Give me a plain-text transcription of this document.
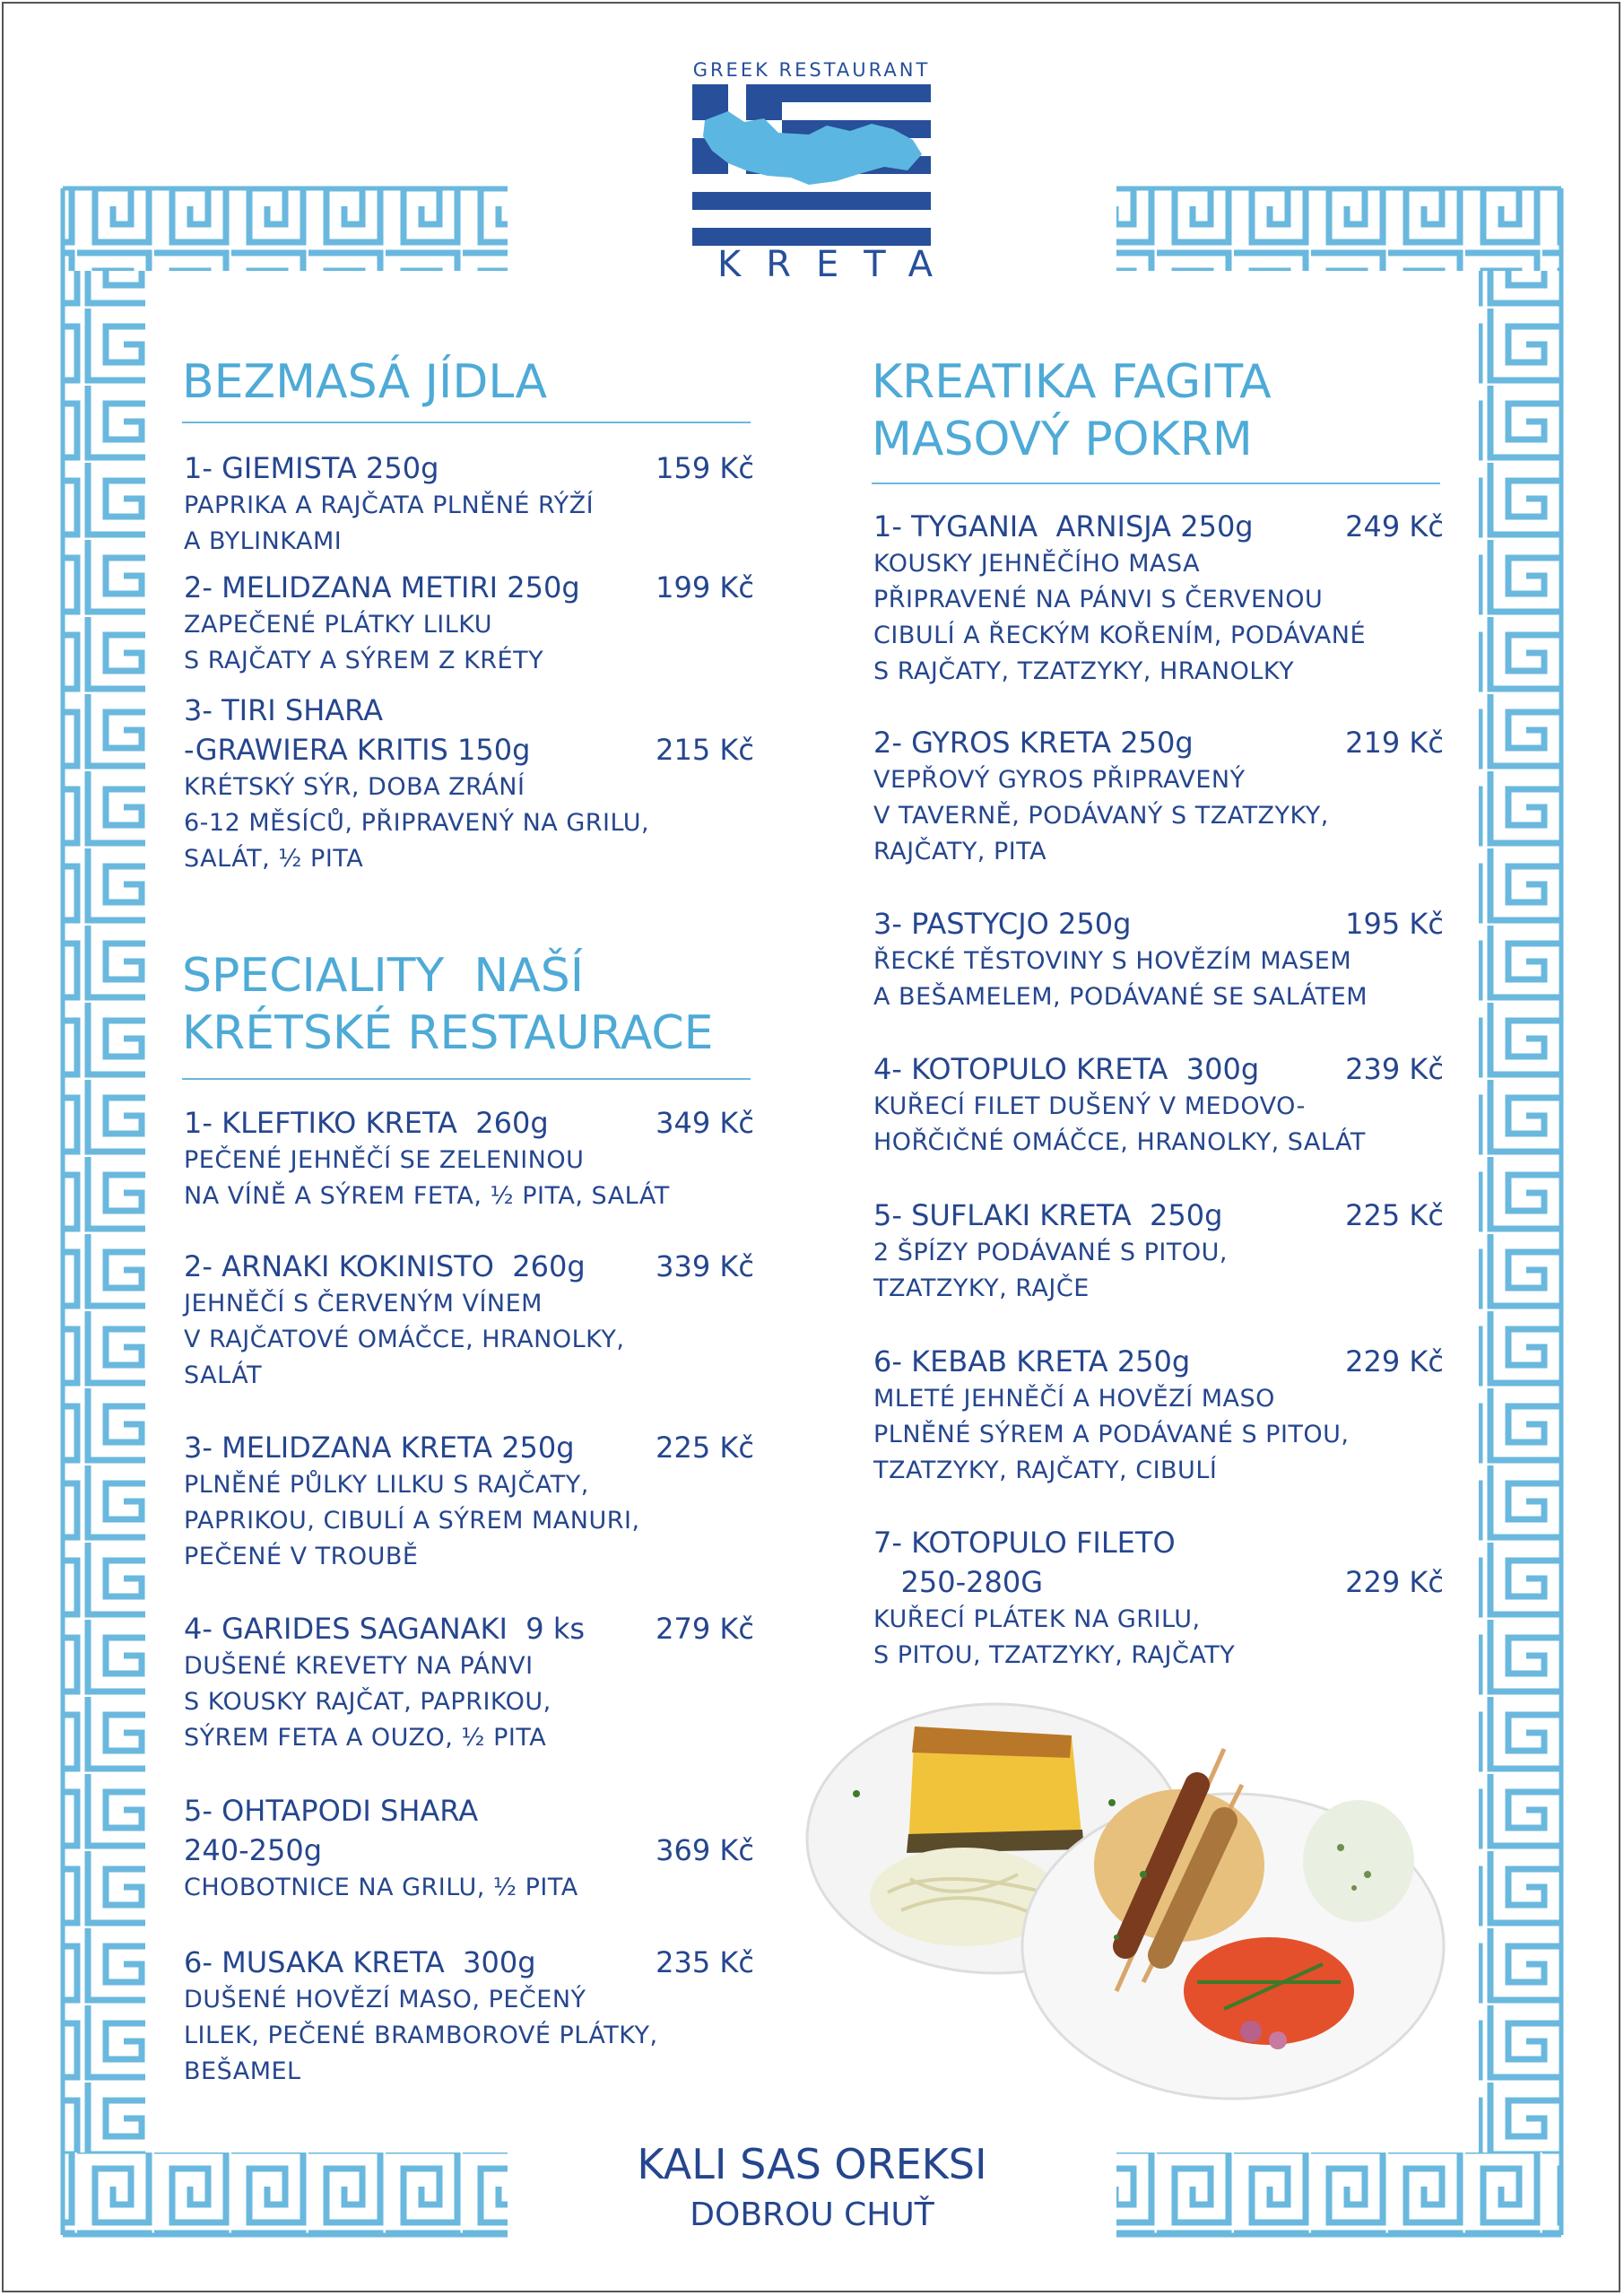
GREEK RESTAURANT
KRETA
BEZMASÁ JÍDLA
1- GIEMISTA 250g	159 Kč
PAPRIKA A RAJČATA PLNĚNÉ RÝŽÍ
A BYLINKAMI
2- MELIDZANA METIRI 250g	199 Kč
ZAPEČENÉ PLÁTKY LILKU
S RAJČATY A SÝREM Z KRÉTY
3- TIRI SHARA
-GRAWIERA KRITIS 150g	215 Kč
KRÉTSKÝ SÝR, DOBA ZRÁNÍ
6-12 MĚSÍCŮ, PŘIPRAVENÝ NA GRILU,
SALÁT, ½ PITA
SPECIALITY  NAŠÍ
KRÉTSKÉ RESTAURACE
1- KLEFTIKO KRETA  260g	349 Kč
PEČENÉ JEHNĚČÍ SE ZELENINOU
NA VÍNĚ A SÝREM FETA, ½ PITA, SALÁT
2- ARNAKI KOKINISTO  260g	339 Kč
JEHNĚČÍ S ČERVENÝM VÍNEM
V RAJČATOVÉ OMÁČCE, HRANOLKY,
SALÁT
3- MELIDZANA KRETA 250g	225 Kč
PLNĚNÉ PŮLKY LILKU S RAJČATY,
PAPRIKOU, CIBULÍ A SÝREM MANURI,
PEČENÉ V TROUBĚ
4- GARIDES SAGANAKI  9 ks	279 Kč
DUŠENÉ KREVETY NA PÁNVI
S KOUSKY RAJČAT, PAPRIKOU,
SÝREM FETA A OUZO, ½ PITA
5- OHTAPODI SHARA
240-250g	369 Kč
CHOBOTNICE NA GRILU, ½ PITA
6- MUSAKA KRETA  300g	235 Kč
DUŠENÉ HOVĚZÍ MASO, PEČENÝ
LILEK, PEČENÉ BRAMBOROVÉ PLÁTKY,
BEŠAMEL
KREATIKA FAGITA
MASOVÝ POKRM
1- TYGANIA  ARNISJA 250g	249 Kč
KOUSKY JEHNĚČÍHO MASA
PŘIPRAVENÉ NA PÁNVI S ČERVENOU
CIBULÍ A ŘECKÝM KOŘENÍM, PODÁVANÉ
S RAJČATY, TZATZYKY, HRANOLKY
2- GYROS KRETA 250g	219 Kč
VEPŘOVÝ GYROS PŘIPRAVENÝ
V TAVERNĚ, PODÁVANÝ S TZATZYKY,
RAJČATY, PITA
3- PASTYCJO 250g	195 Kč
ŘECKÉ TĚSTOVINY S HOVĚZÍM MASEM
A BEŠAMELEM, PODÁVANÉ SE SALÁTEM
4- KOTOPULO KRETA  300g	239 Kč
KUŘECÍ FILET DUŠENÝ V MEDOVO-
HOŘČIČNÉ OMÁČCE, HRANOLKY, SALÁT
5- SUFLAKI KRETA  250g	225 Kč
2 ŠPÍZY PODÁVANÉ S PITOU,
TZATZYKY, RAJČE
6- KEBAB KRETA 250g	229 Kč
MLETÉ JEHNĚČÍ A HOVĚZÍ MASO
PLNĚNÉ SÝREM A PODÁVANÉ S PITOU,
TZATZYKY, RAJČATY, CIBULÍ
7- KOTOPULO FILETO
250-280G	229 Kč
KUŘECÍ PLÁTEK NA GRILU,
S PITOU, TZATZYKY, RAJČATY
KALI SAS OREKSI
DOBROU CHUŤ
